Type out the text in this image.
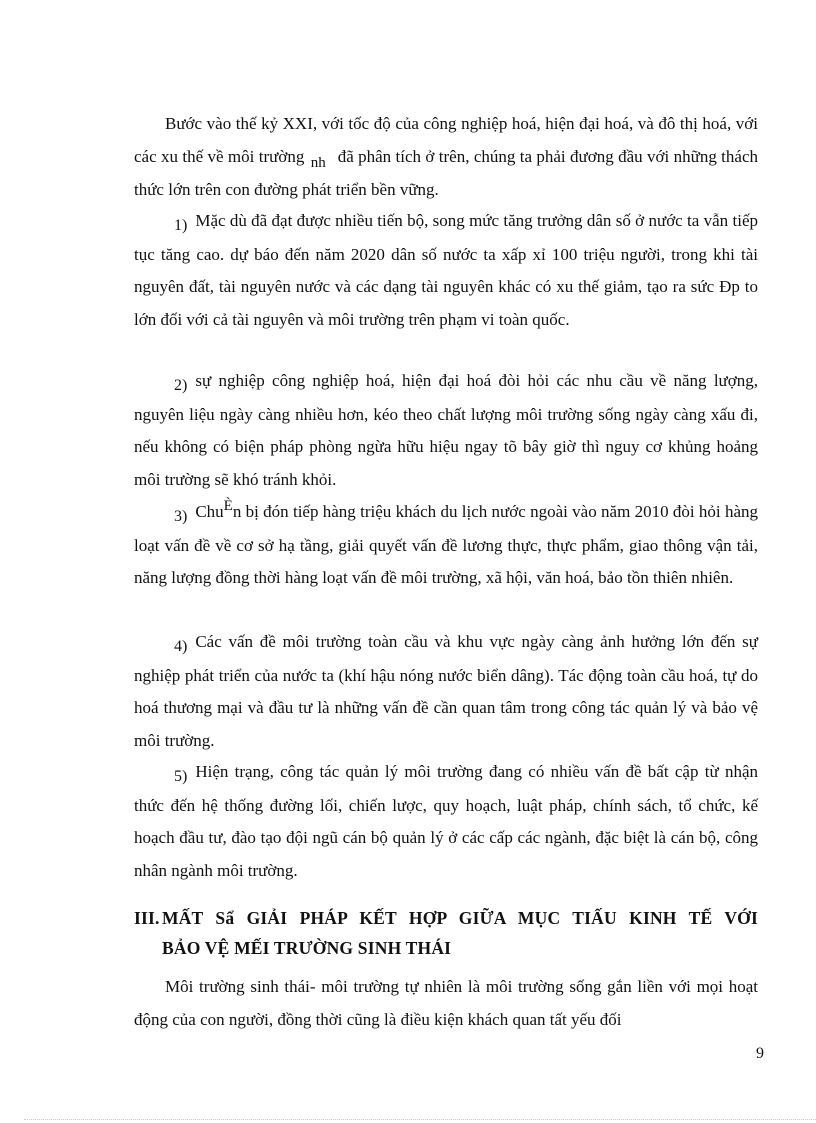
Bước vào thế kỷ XXI, với tốc độ của công nghiệp hoá, hiện đại hoá, và đô thị hoá, với các xu thế về môi trường nh đã phân tích ở trên, chúng ta phải đương đầu với những thách thức lớn trên con đường phát triển bền vững.

1) Mặc dù đã đạt được nhiều tiến bộ, song mức tăng trưởng dân số ở nước ta vẫn tiếp tục tăng cao. dự báo đến năm 2020 dân số nước ta xấp xỉ 100 triệu người, trong khi tài nguyên đất, tài nguyên nước và các dạng tài nguyên khác có xu thế giảm, tạo ra sức Đp to lớn đối với cả tài nguyên và môi trường trên phạm vi toàn quốc.

2) sự nghiệp công nghiệp hoá, hiện đại hoá đòi hỏi các nhu cầu về năng lượng, nguyên liệu ngày càng nhiều hơn, kéo theo chất lượng môi trường sống ngày càng xấu đi, nếu không có biện pháp phòng ngừa hữu hiệu ngay tõ bây giờ thì nguy cơ khủng hoảng môi trường sẽ khó tránh khỏi.

3) ChuÈn bị đón tiếp hàng triệu khách du lịch nước ngoài vào năm 2010 đòi hỏi hàng loạt vấn đề về cơ sở hạ tầng, giải quyết vấn đề lương thực, thực phẩm, giao thông vận tải, năng lượng đồng thời hàng loạt vấn đề môi trường, xã hội, văn hoá, bảo tồn thiên nhiên.

4) Các vấn đề môi trường toàn cầu và khu vực ngày càng ảnh hưởng lớn đến sự nghiệp phát triển của nước ta (khí hậu nóng nước biển dâng). Tác động toàn cầu hoá, tự do hoá thương mại và đầu tư là những vấn đề cần quan tâm trong công tác quản lý và bảo vệ môi trường.

5) Hiện trạng, công tác quản lý môi trường đang có nhiều vấn đề bất cập từ nhận thức đến hệ thống đường lối, chiến lược, quy hoạch, luật pháp, chính sách, tổ chức, kế hoạch đầu tư, đào tạo đội ngũ cán bộ quản lý ở các cấp các ngành, đặc biệt là cán bộ, công nhân ngành môi trường.

III. MẤT Sẩ GIẢI PHÁP KẾT HỢP GIỮA MỤC TIẤU KINH TẾ VỚI
BẢO VỆ MẾI TRƯỜNG SINH THÁI

Môi trường sinh thái- môi trường tự nhiên là môi trường sống gắn liền với mọi hoạt động của con người, đồng thời cũng là điều kiện khách quan tất yếu đối

9
